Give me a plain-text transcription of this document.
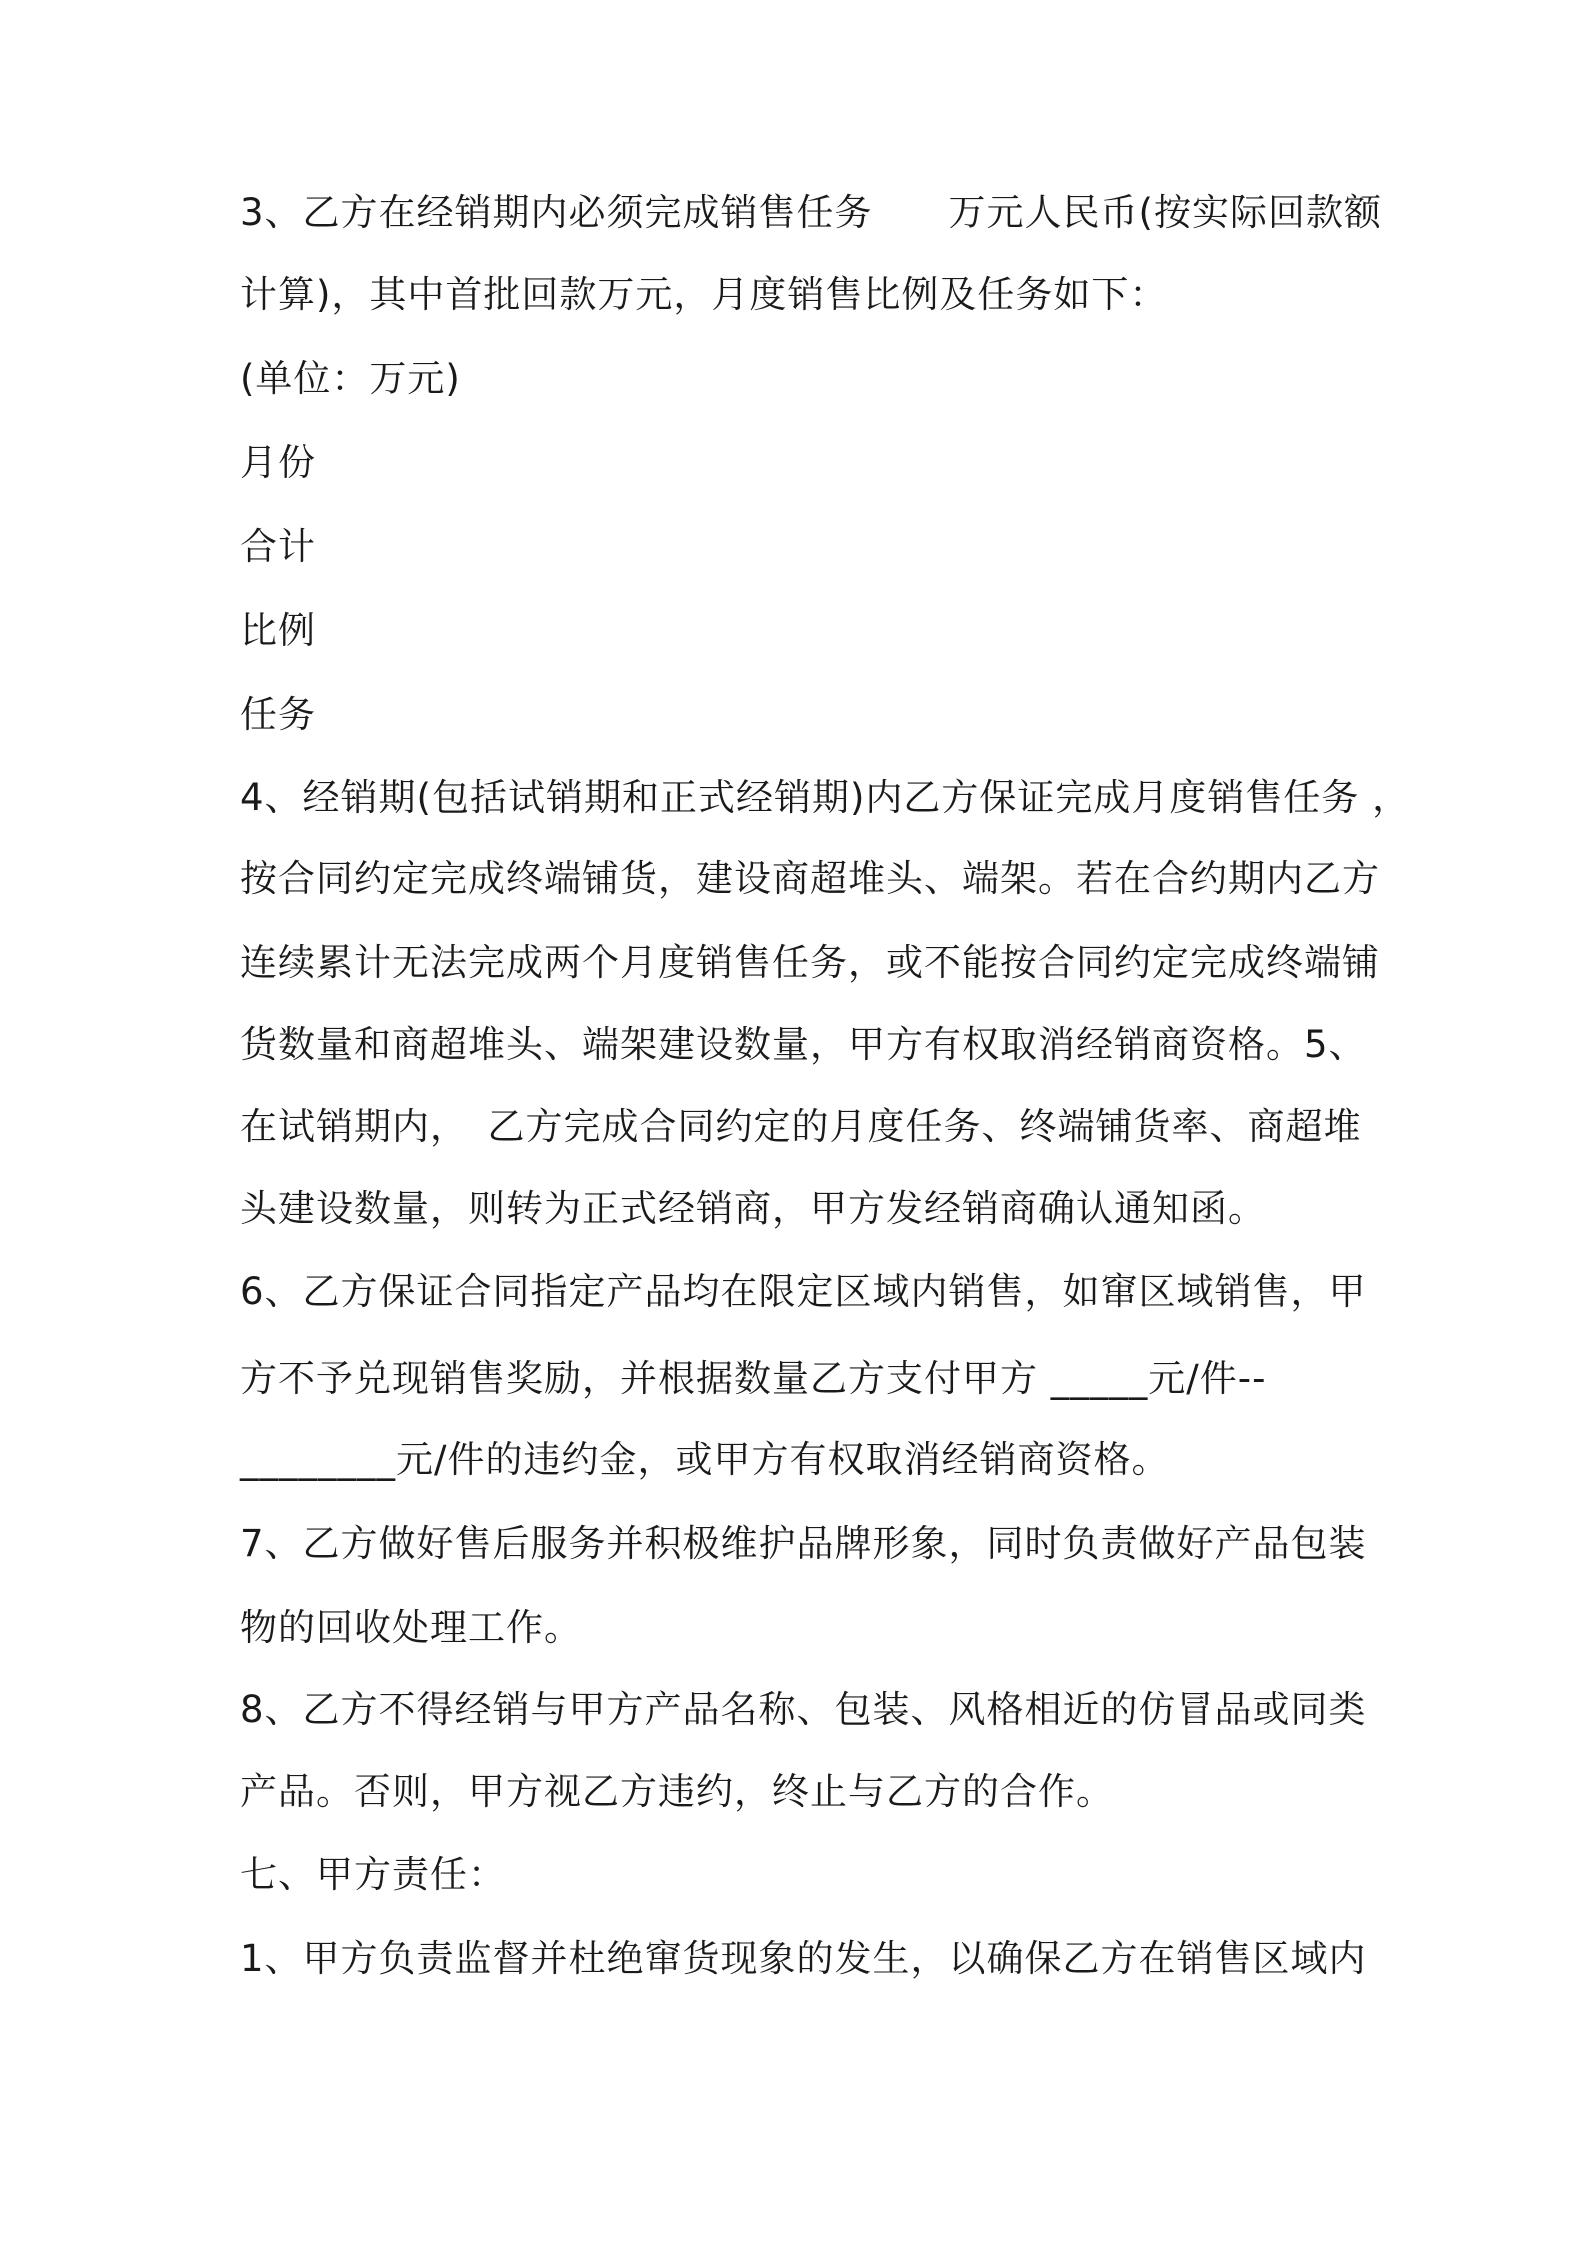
3、乙方在经销期内必须完成销售任务　　万元人民币(按实际回款额
计算)，其中首批回款万元，月度销售比例及任务如下：
(单位：万元)
月份
合计
比例
任务
4、经销期(包括试销期和正式经销期)内乙方保证完成月度销售任务 ，
按合同约定完成终端铺货，建设商超堆头、端架。若在合约期内乙方
连续累计无法完成两个月度销售任务，或不能按合同约定完成终端铺
货数量和商超堆头、端架建设数量，甲方有权取消经销商资格。5、
在试销期内，　乙方完成合同约定的月度任务、终端铺货率、商超堆
头建设数量，则转为正式经销商，甲方发经销商确认通知函。
6、乙方保证合同指定产品均在限定区域内销售，如窜区域销售，甲
方不予兑现销售奖励，并根据数量乙方支付甲方 _____元/件--
________元/件的违约金，或甲方有权取消经销商资格。
7、乙方做好售后服务并积极维护品牌形象，同时负责做好产品包装
物的回收处理工作。
8、乙方不得经销与甲方产品名称、包装、风格相近的仿冒品或同类
产品。否则，甲方视乙方违约，终止与乙方的合作。
七、甲方责任：
1、甲方负责监督并杜绝窜货现象的发生，以确保乙方在销售区域内
